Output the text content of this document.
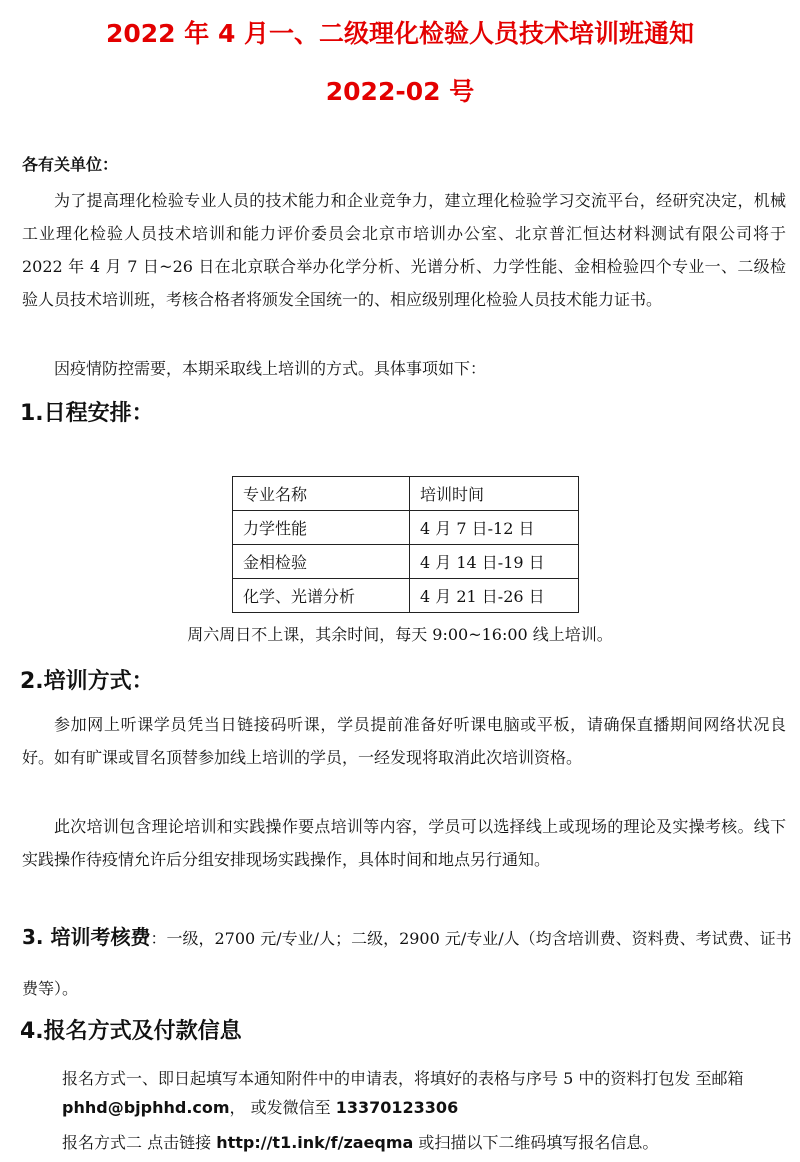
2022 年 4 月一、二级理化检验人员技术培训班通知
2022-02 号
各有关单位：
为了提高理化检验专业人员的技术能力和企业竞争力，建立理化检验学习交流平台，经研究决定，机械工业理化检验人员技术培训和能力评价委员会北京市培训办公室、北京普汇恒达材料测试有限公司将于 2022 年 4 月 7 日~26 日在北京联合举办化学分析、光谱分析、力学性能、金相检验四个专业一、二级检验人员技术培训班，考核合格者将颁发全国统一的、相应级别理化检验人员技术能力证书。
因疫情防控需要，本期采取线上培训的方式。具体事项如下：
1.日程安排：
专业名称	培训时间
力学性能	4 月 7 日-12 日
金相检验	4 月 14 日-19 日
化学、光谱分析	4 月 21 日-26 日
周六周日不上课，其余时间，每天 9:00~16:00 线上培训。
2.培训方式：
参加网上听课学员凭当日链接码听课，学员提前准备好听课电脑或平板，请确保直播期间网络状况良好。如有旷课或冒名顶替参加线上培训的学员，一经发现将取消此次培训资格。
此次培训包含理论培训和实践操作要点培训等内容，学员可以选择线上或现场的理论及实操考核。线下实践操作待疫情允许后分组安排现场实践操作，具体时间和地点另行通知。
3. 培训考核费：一级，2700 元/专业/人；二级，2900 元/专业/人（均含培训费、资料费、考试费、证书费等）。
4.报名方式及付款信息
报名方式一、即日起填写本通知附件中的申请表，将填好的表格与序号 5 中的资料打包发 至邮箱 phhd@bjphhd.com， 或发微信至 13370123306
报名方式二 点击链接 http://t1.ink/f/zaeqma 或扫描以下二维码填写报名信息。
